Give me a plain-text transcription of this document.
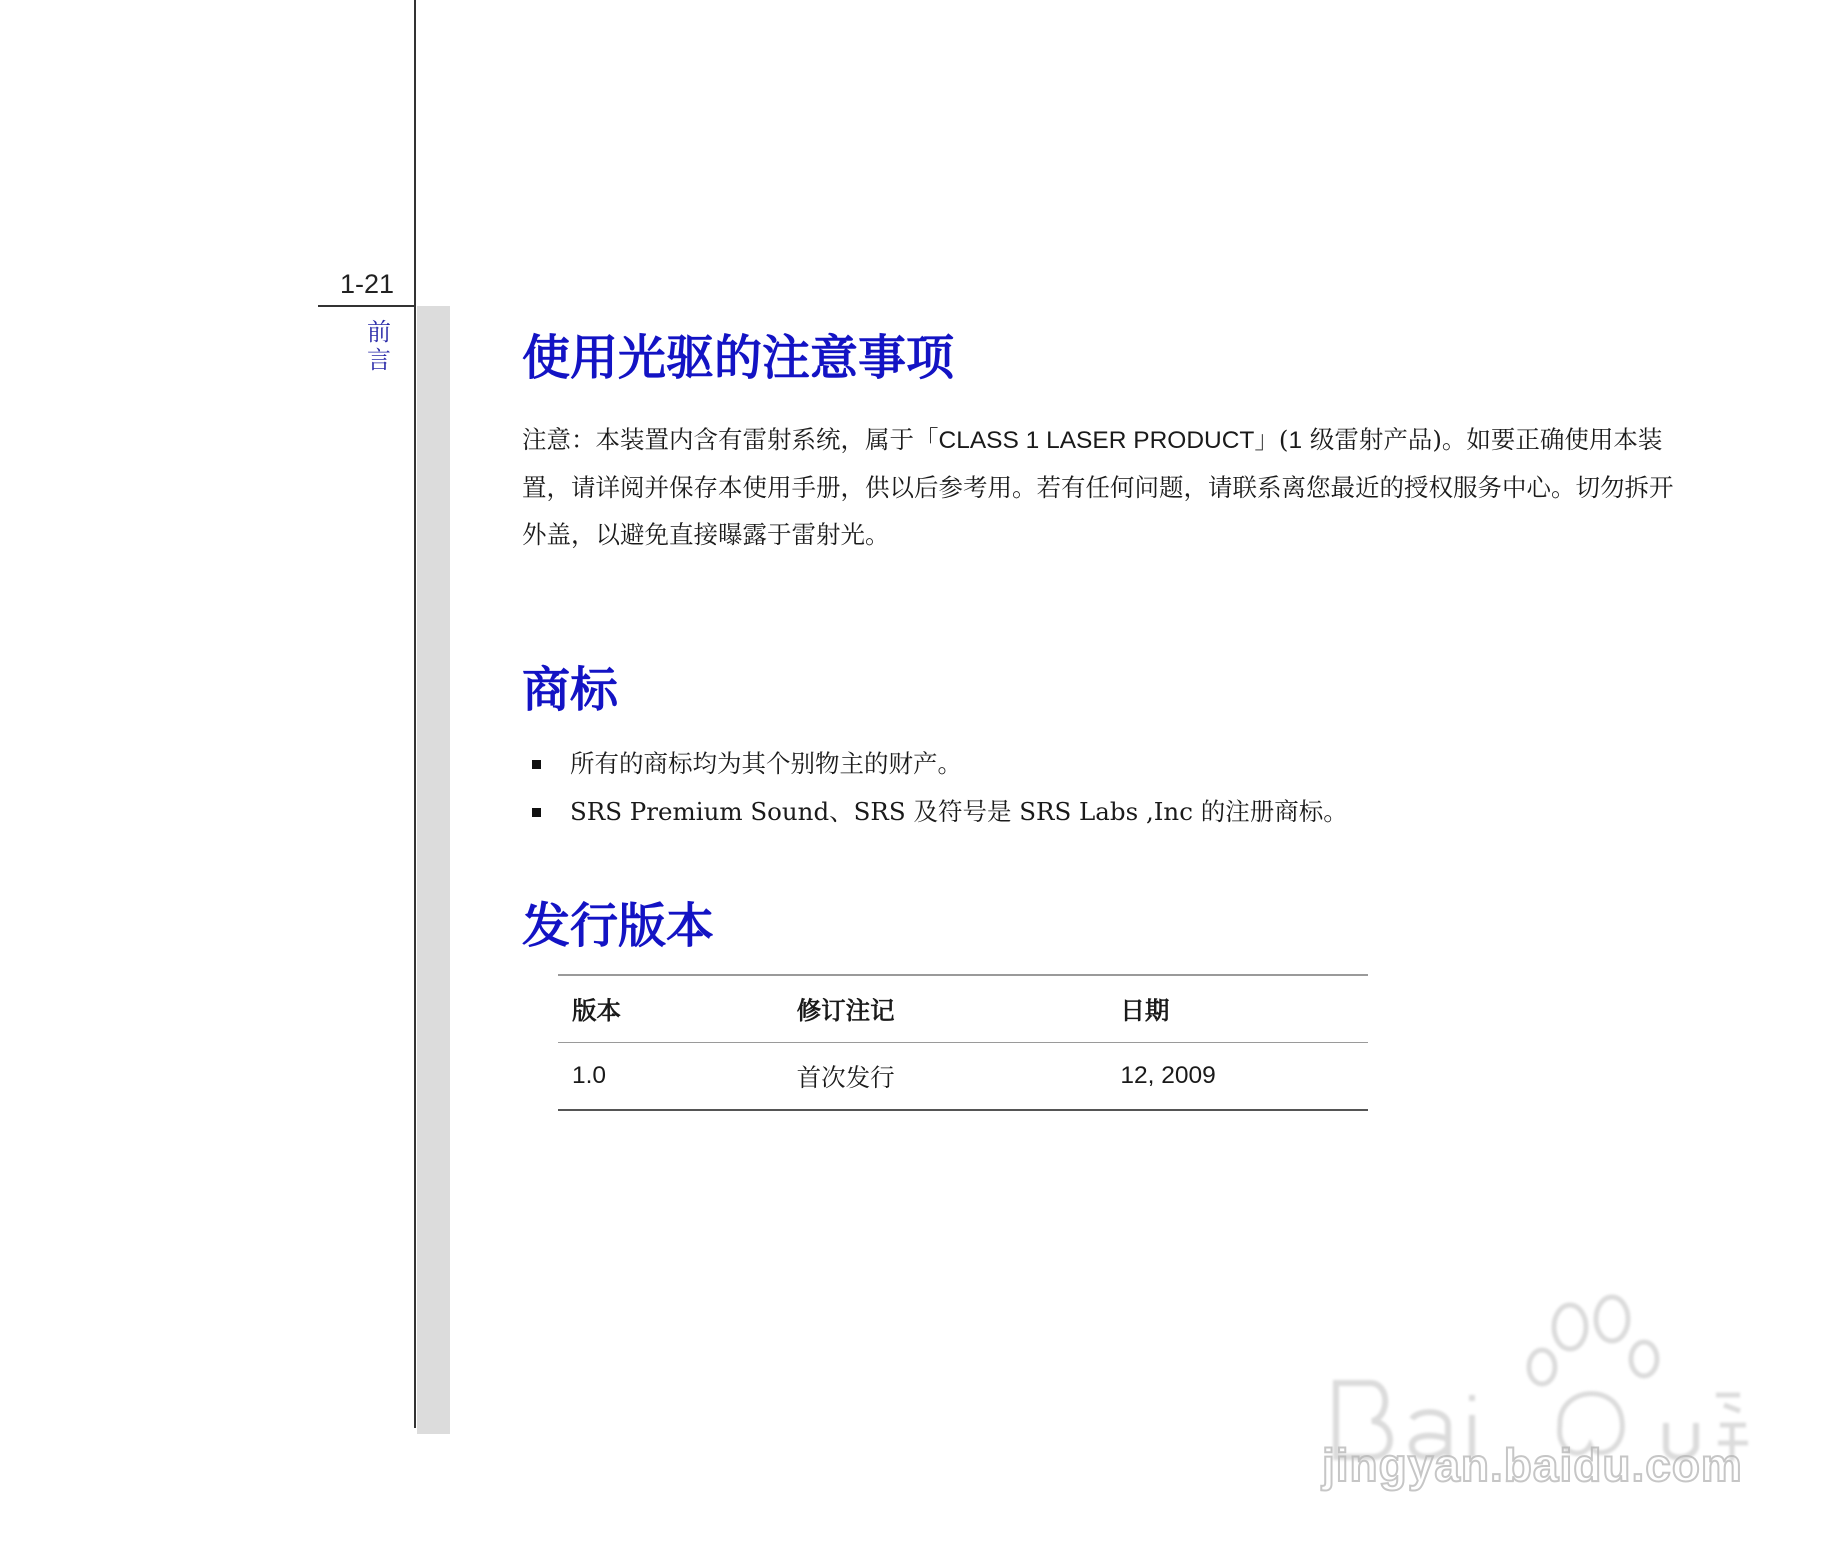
1-21
前言	使用光驱的注意事项

注意：本装置内含有雷射系统，属于「CLASS 1 LASER PRODUCT」(1 级雷射产品)。如要正确使用本装置，请详阅并保存本使用手册，供以后参考用。若有任何问题，请联系离您最近的授权服务中心。切勿拆开外盖，以避免直接曝露于雷射光。

商标
所有的商标均为其个别物主的财产。
SRS Premium Sound、SRS 及符号是 SRS Labs ,Inc 的注册商标。
发行版本
版本	修订注记	日期
1.0	首次发行	12, 2009
jingyan.baidu.com
